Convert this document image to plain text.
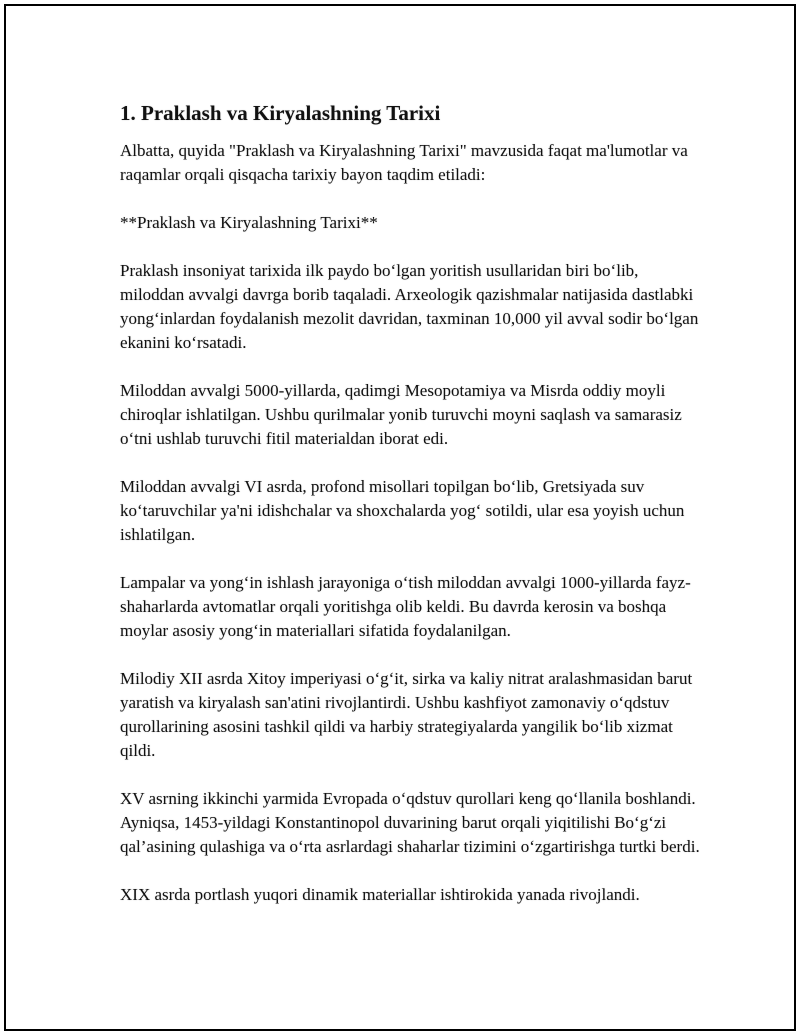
1. Praklash va Kiryalashning Tarixi

Albatta, quyida "Praklash va Kiryalashning Tarixi" mavzusida faqat ma'lumotlar va raqamlar orqali qisqacha tarixiy bayon taqdim etiladi:

**Praklash va Kiryalashning Tarixi**

Praklash insoniyat tarixida ilk paydo bo‘lgan yoritish usullaridan biri bo‘lib, miloddan avvalgi davrga borib taqaladi. Arxeologik qazishmalar natijasida dastlabki yong‘inlardan foydalanish mezolit davridan, taxminan 10,000 yil avval sodir bo‘lgan ekanini ko‘rsatadi.

Miloddan avvalgi 5000-yillarda, qadimgi Mesopotamiya va Misrda oddiy moyli chiroqlar ishlatilgan. Ushbu qurilmalar yonib turuvchi moyni saqlash va samarasiz o‘tni ushlab turuvchi fitil materialdan iborat edi.

Miloddan avvalgi VI asrda, profond misollari topilgan bo‘lib, Gretsiyada suv ko‘taruvchilar ya'ni idishchalar va shoxchalarda yog‘ sotildi, ular esa yoyish uchun ishlatilgan.

Lampalar va yong‘in ishlash jarayoniga o‘tish miloddan avvalgi 1000-yillarda fayz-shaharlarda avtomatlar orqali yoritishga olib keldi. Bu davrda kerosin va boshqa moylar asosiy yong‘in materiallari sifatida foydalanilgan.

Milodiy XII asrda Xitoy imperiyasi o‘g‘it, sirka va kaliy nitrat aralashmasidan barut yaratish va kiryalash san'atini rivojlantirdi. Ushbu kashfiyot zamonaviy o‘qdstuv qurollarining asosini tashkil qildi va harbiy strategiyalarda yangilik bo‘lib xizmat qildi.

XV asrning ikkinchi yarmida Evropada o‘qdstuv qurollari keng qo‘llanila boshlandi. Ayniqsa, 1453-yildagi Konstantinopol duvarining barut orqali yiqitilishi Bo‘g‘zi qal’asining qulashiga va o‘rta asrlardagi shaharlar tizimini o‘zgartirishga turtki berdi.

XIX asrda portlash yuqori dinamik materiallar ishtirokida yanada rivojlandi.
